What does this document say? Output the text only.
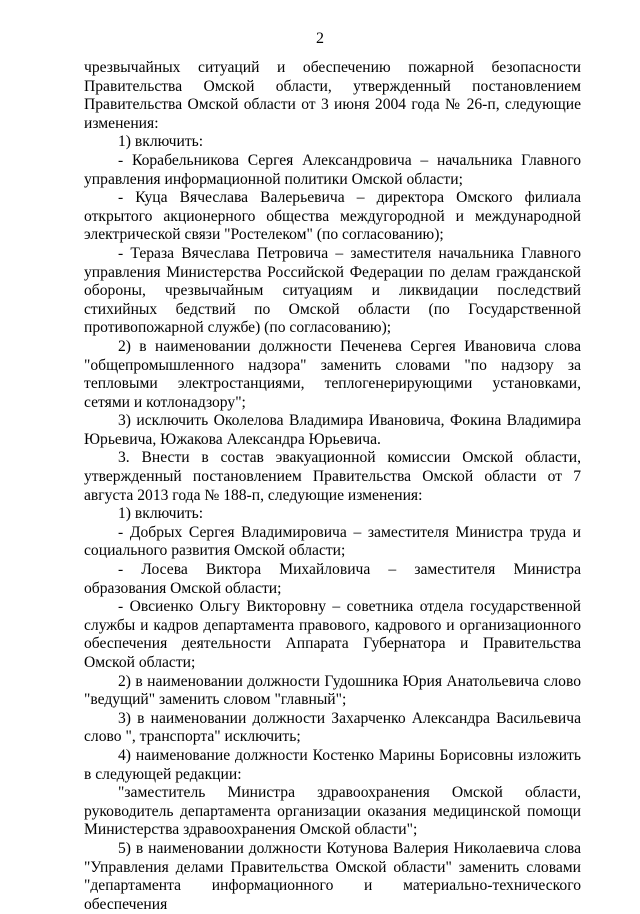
2

чрезвычайных ситуаций и обеспечению пожарной безопасности Правительства Омской области, утвержденный постановлением Правительства Омской области от 3 июня 2004 года № 26-п, следующие изменения:

1) включить:

- Корабельникова Сергея Александровича – начальника Главного управления информационной политики Омской области;

- Куца Вячеслава Валерьевича – директора Омского филиала открытого акционерного общества междугородной и международной электрической связи "Ростелеком" (по согласованию);

- Тераза Вячеслава Петровича – заместителя начальника Главного управления Министерства Российской Федерации по делам гражданской обороны, чрезвычайным ситуациям и ликвидации последствий стихийных бедствий по Омской области (по Государственной противопожарной службе) (по согласованию);

2) в наименовании должности Печенева Сергея Ивановича слова "общепромышленного надзора" заменить словами "по надзору за тепловыми электростанциями, теплогенерирующими установками, сетями и котлонадзору";

3) исключить Околелова Владимира Ивановича, Фокина Владимира Юрьевича, Южакова Александра Юрьевича.

3. Внести в состав эвакуационной комиссии Омской области, утвержденный постановлением Правительства Омской области от 7 августа 2013 года № 188-п, следующие изменения:

1) включить:

- Добрых Сергея Владимировича – заместителя Министра труда и социального развития Омской области;

- Лосева Виктора Михайловича – заместителя Министра образования Омской области;

- Овсиенко Ольгу Викторовну – советника отдела государственной службы и кадров департамента правового, кадрового и организационного обеспечения деятельности Аппарата Губернатора и Правительства Омской области;

2) в наименовании должности Гудошника Юрия Анатольевича слово "ведущий" заменить словом "главный";

3) в наименовании должности Захарченко Александра Васильевича слово ", транспорта" исключить;

4) наименование должности Костенко Марины Борисовны изложить в следующей редакции:

"заместитель Министра здравоохранения Омской области, руководитель департамента организации оказания медицинской помощи Министерства здравоохранения Омской области";

5) в наименовании должности Котунова Валерия Николаевича слова "Управления делами Правительства Омской области" заменить словами "департамента информационного и материально-технического обеспечения
